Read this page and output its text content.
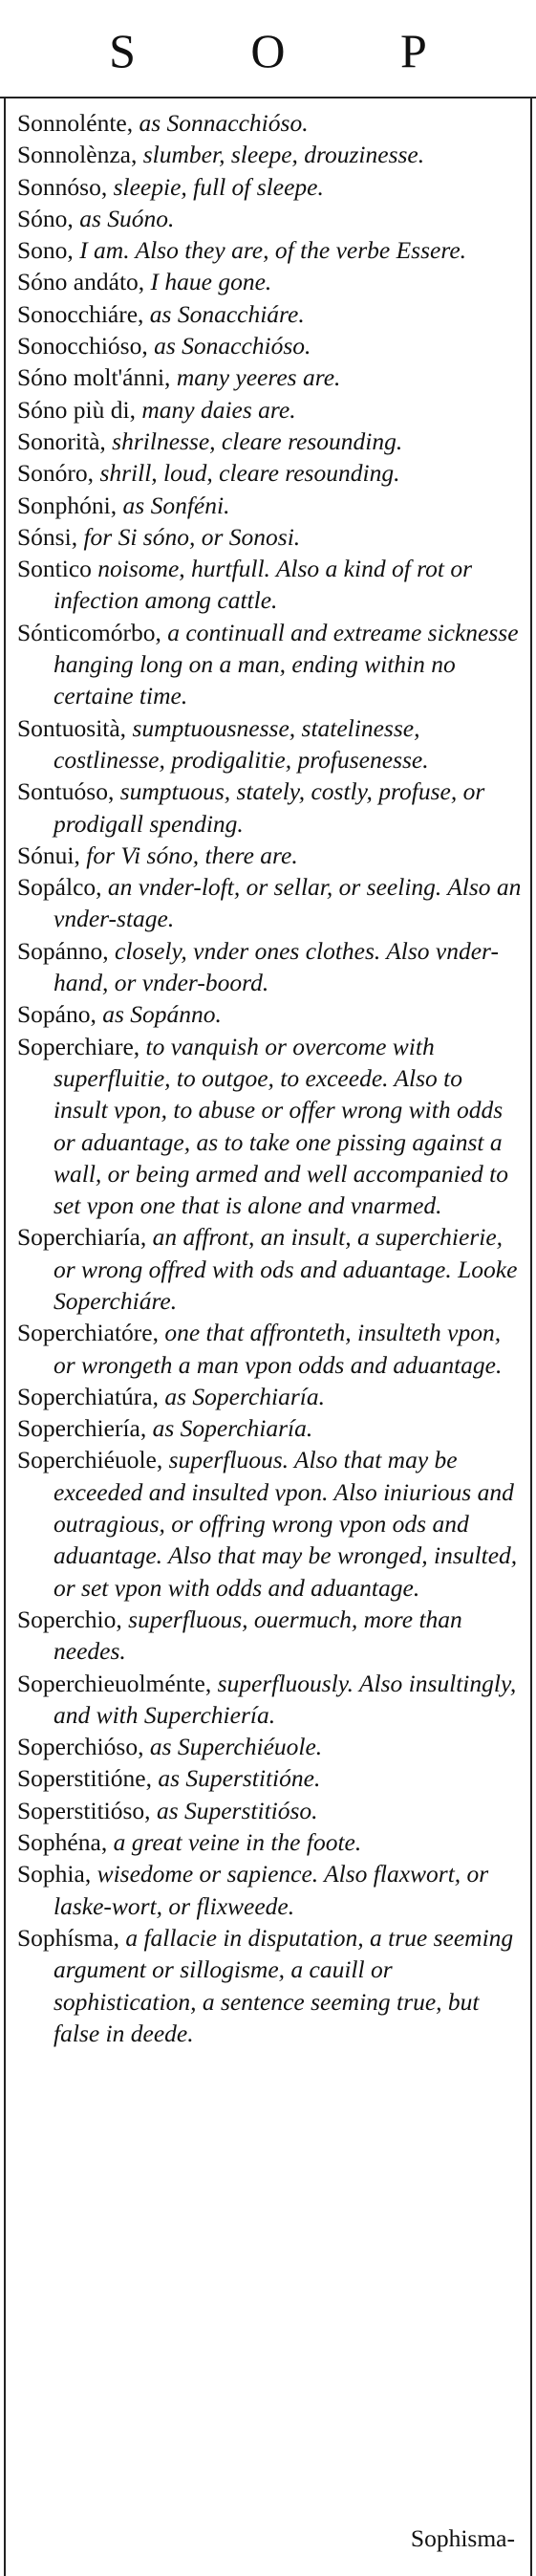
S O P

Sonnolénte, as Sonnacchióso.

Sonnolènza, slumber, sleepe, drouzinesse.

Sonnóso, sleepie, full of sleepe.

Sóno, as Suóno.

Sono, I am. Also they are, of the verbe Essere.

Sóno andáto, I haue gone.

Sonocchiáre, as Sonacchiáre.

Sonocchióso, as Sonacchióso.

Sóno molt'ánni, many yeeres are.

Sóno più di, many daies are.

Sonorità, shrilnesse, cleare resounding.

Sonóro, shrill, loud, cleare resounding.

Sonphóni, as Sonféni.

Sónsi, for Si sóno, or Sonosi.

Sontico noisome, hurtfull. Also a kind of rot or infection among cattle.

Sónticomórbo, a continuall and extreame sicknesse hanging long on a man, ending within no certaine time.

Sontuosità, sumptuousnesse, statelinesse, costlinesse, prodigalitie, profusenesse.

Sontuóso, sumptuous, stately, costly, profuse, or prodigall spending.

Sónui, for Vi sóno, there are.

Sopálco, an vnder-loft, or sellar, or seeling. Also an vnder-stage.

Sopánno, closely, vnder ones clothes. Also vnder-hand, or vnder-boord.

Sopáno, as Sopánno.

Soperchiare, to vanquish or overcome with superfluitie, to outgoe, to exceede. Also to insult vpon, to abuse or offer wrong with odds or aduantage, as to take one pissing against a wall, or being armed and well accompanied to set vpon one that is alone and vnarmed.

Soperchiaría, an affront, an insult, a superchierie, or wrong offred with ods and aduantage. Looke Soperchiáre.

Soperchiatóre, one that affronteth, insulteth vpon, or wrongeth a man vpon odds and aduantage.

Soperchiatúra, as Soperchiaría.

Soperchiería, as Soperchiaría.

Soperchiéuole, superfluous. Also that may be exceeded and insulted vpon. Also iniurious and outragious, or offring wrong vpon ods and aduantage. Also that may be wronged, insulted, or set vpon with odds and aduantage.

Soperchio, superfluous, ouermuch, more than needes.

Soperchieuolménte, superfluously. Also insultingly, and with Superchiería.

Soperchióso, as Superchiéuole.

Soperstitióne, as Superstitióne.

Soperstitióso, as Superstitióso.

Sophéna, a great veine in the foote.

Sophia, wisedome or sapience. Also flaxwort, or laske-wort, or flixweede.

Sophísma, a fallacie in disputation, a true seeming argument or sillogisme, a cauill or sophistication, a sentence seeming true, but false in deede.

Sophisma-
